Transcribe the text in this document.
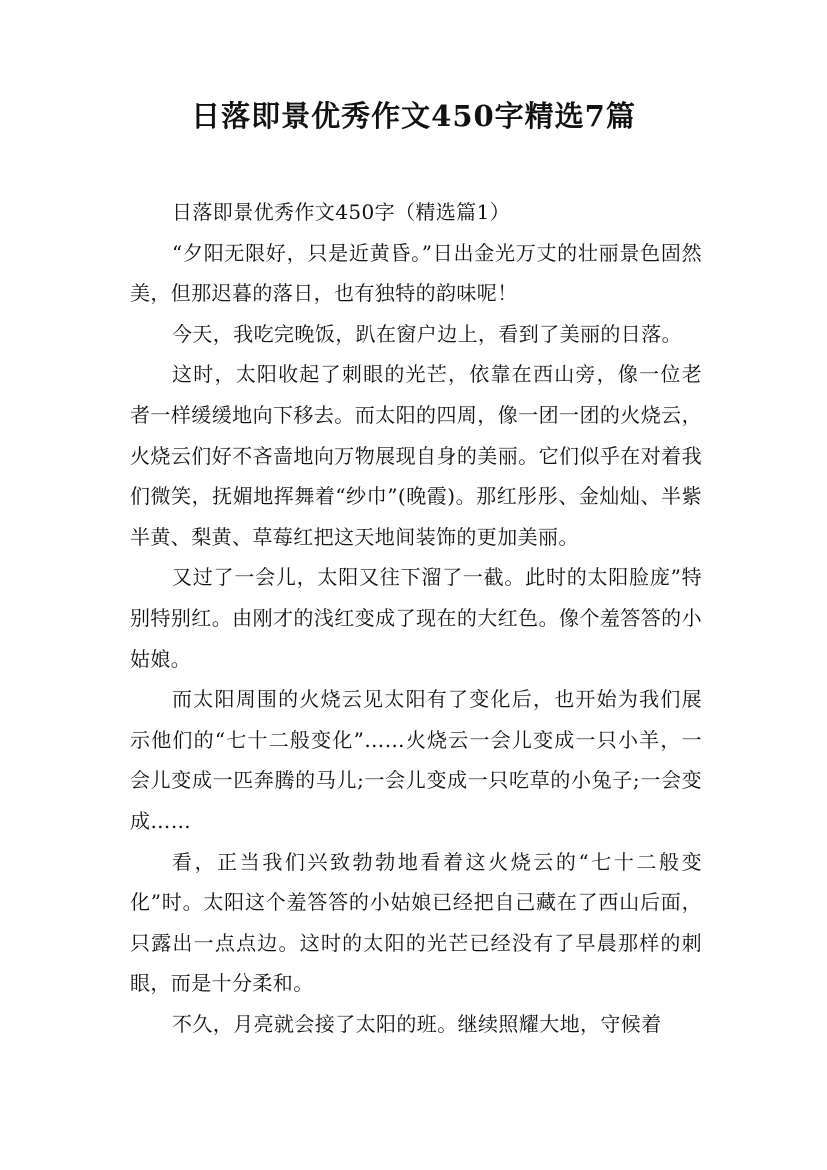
日落即景优秀作文450字精选7篇

日落即景优秀作文450字（精选篇1）

“夕阳无限好，只是近黄昏。”日出金光万丈的壮丽景色固然美，但那迟暮的落日，也有独特的韵味呢！

今天，我吃完晚饭，趴在窗户边上，看到了美丽的日落。

这时，太阳收起了刺眼的光芒，依靠在西山旁，像一位老者一样缓缓地向下移去。而太阳的四周，像一团一团的火烧云，火烧云们好不吝啬地向万物展现自身的美丽。它们似乎在对着我们微笑，抚媚地挥舞着“纱巾”(晚霞)。那红彤彤、金灿灿、半紫半黄、梨黄、草莓红把这天地间装饰的更加美丽。

又过了一会儿，太阳又往下溜了一截。此时的太阳脸庞”特别特别红。由刚才的浅红变成了现在的大红色。像个羞答答的小姑娘。

而太阳周围的火烧云见太阳有了变化后，也开始为我们展示他们的“七十二般变化”……火烧云一会儿变成一只小羊，一会儿变成一匹奔腾的马儿;一会儿变成一只吃草的小兔子;一会变成……

看，正当我们兴致勃勃地看着这火烧云的“七十二般变化”时。太阳这个羞答答的小姑娘已经把自己藏在了西山后面，只露出一点点边。这时的太阳的光芒已经没有了早晨那样的刺眼，而是十分柔和。

不久，月亮就会接了太阳的班。继续照耀大地，守候着
